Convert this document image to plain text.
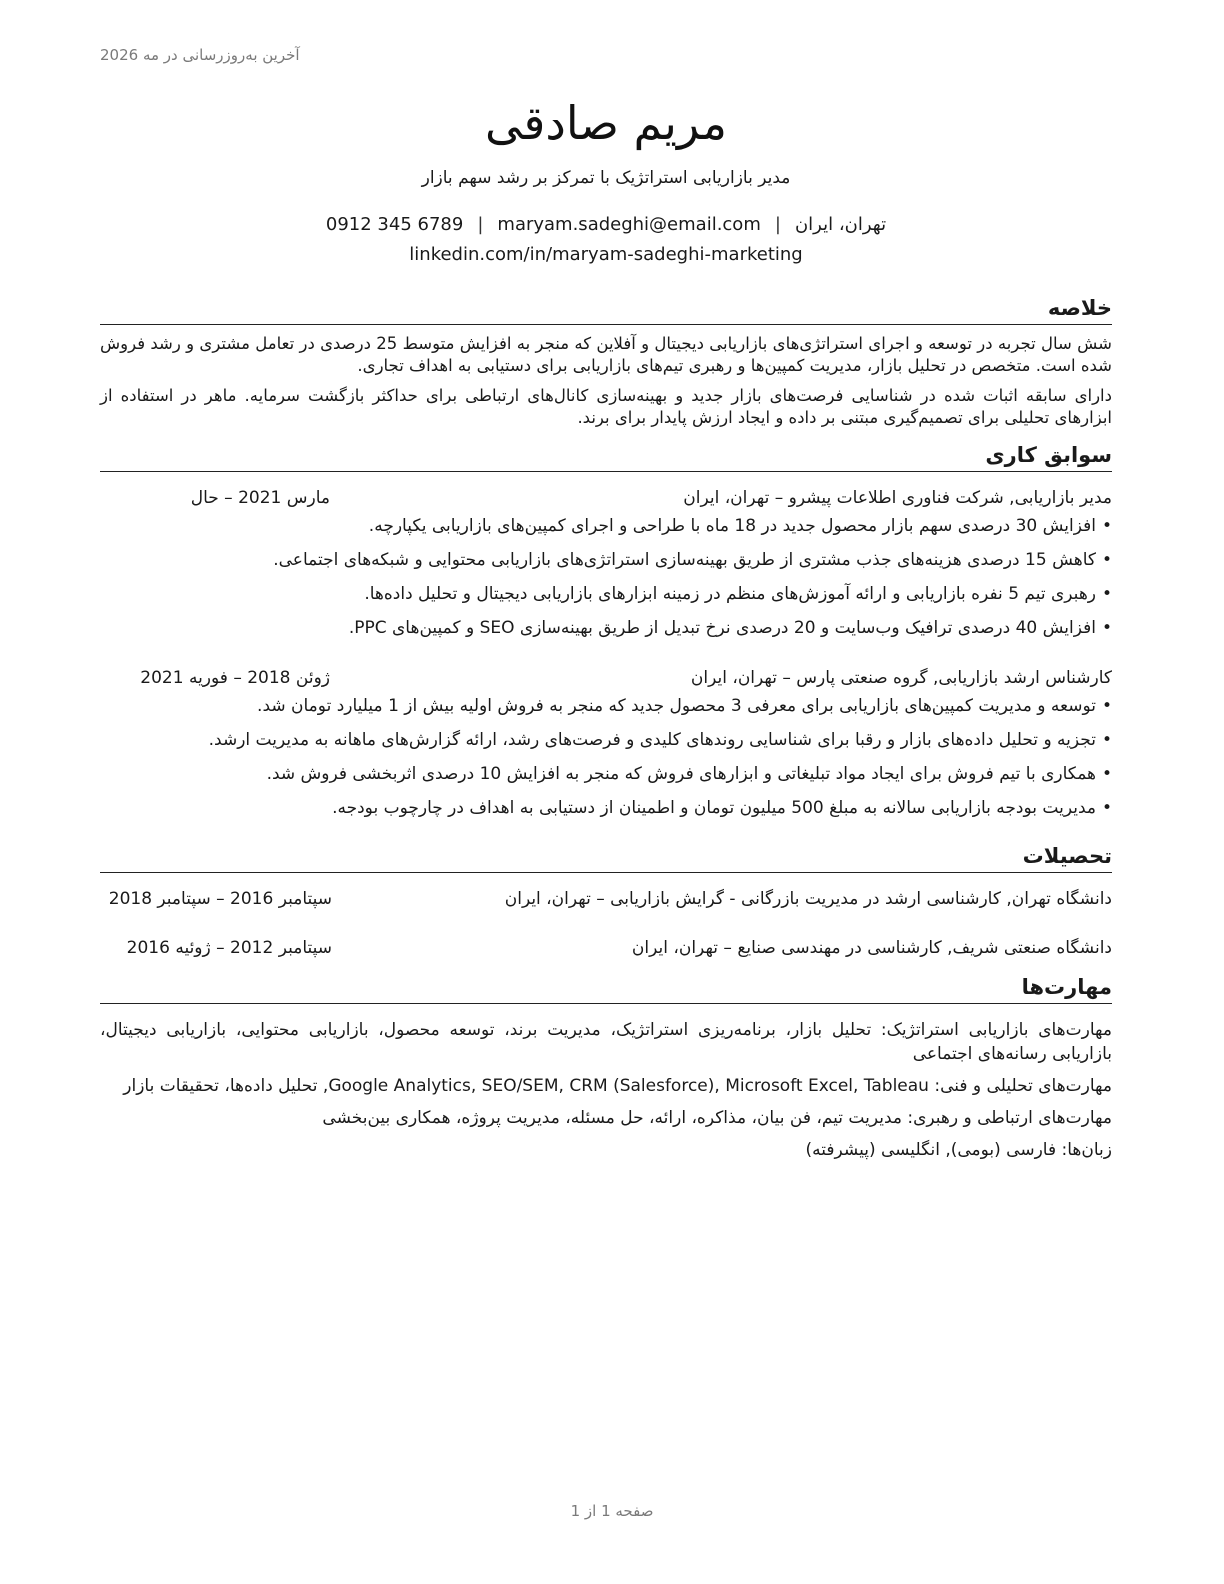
آخرین به‌روزرسانی در مه 2026
مریم صادقی
مدیر بازاریابی استراتژیک با تمرکز بر رشد سهم بازار
تهران، ایران|maryam.sadeghi@email.com|0912 345 6789
linkedin.com/in/maryam-sadeghi-marketing
خلاصه

شش سال تجربه در توسعه و اجرای استراتژی‌های بازاریابی دیجیتال و آفلاین که منجر به افزایش متوسط 25 درصدی در تعامل مشتری و رشد فروش شده است. متخصص در تحلیل بازار، مدیریت کمپین‌ها و رهبری تیم‌های بازاریابی برای دستیابی به اهداف تجاری.

دارای سابقه اثبات شده در شناسایی فرصت‌های بازار جدید و بهینه‌سازی کانال‌های ارتباطی برای حداکثر بازگشت سرمایه. ماهر در استفاده از ابزارهای تحلیلی برای تصمیم‌گیری مبتنی بر داده و ایجاد ارزش پایدار برای برند.

سوابق کاری
مدیر بازاریابی, شرکت فناوری اطلاعات پیشرو – تهران، ایران
مارس 2021 – حال
•
افزایش 30 درصدی سهم بازار محصول جدید در 18 ماه با طراحی و اجرای کمپین‌های بازاریابی یکپارچه.
•
کاهش 15 درصدی هزینه‌های جذب مشتری از طریق بهینه‌سازی استراتژی‌های بازاریابی محتوایی و شبکه‌های اجتماعی.
•
رهبری تیم 5 نفره بازاریابی و ارائه آموزش‌های منظم در زمینه ابزارهای بازاریابی دیجیتال و تحلیل داده‌ها.
•
افزایش 40 درصدی ترافیک وب‌سایت و 20 درصدی نرخ تبدیل از طریق بهینه‌سازی SEO و کمپین‌های PPC.
کارشناس ارشد بازاریابی, گروه صنعتی پارس – تهران، ایران
ژوئن 2018 – فوریه 2021
•
توسعه و مدیریت کمپین‌های بازاریابی برای معرفی 3 محصول جدید که منجر به فروش اولیه بیش از 1 میلیارد تومان شد.
•
تجزیه و تحلیل داده‌های بازار و رقبا برای شناسایی روندهای کلیدی و فرصت‌های رشد، ارائه گزارش‌های ماهانه به مدیریت ارشد.
•
همکاری با تیم فروش برای ایجاد مواد تبلیغاتی و ابزارهای فروش که منجر به افزایش 10 درصدی اثربخشی فروش شد.
•
مدیریت بودجه بازاریابی سالانه به مبلغ 500 میلیون تومان و اطمینان از دستیابی به اهداف در چارچوب بودجه.
تحصیلات
دانشگاه تهران, کارشناسی ارشد در مدیریت بازرگانی - گرایش بازاریابی – تهران، ایران
سپتامبر 2016 – سپتامبر 2018
دانشگاه صنعتی شریف, کارشناسی در مهندسی صنایع – تهران، ایران
سپتامبر 2012 – ژوئیه 2016
مهارت‌ها

مهارت‌های بازاریابی استراتژیک: تحلیل بازار، برنامه‌ریزی استراتژیک، مدیریت برند، توسعه محصول، بازاریابی محتوایی، بازاریابی دیجیتال، بازاریابی رسانه‌های اجتماعی

مهارت‌های تحلیلی و فنی: Google Analytics, SEO/SEM, CRM (Salesforce), Microsoft Excel, Tableau, تحلیل داده‌ها، تحقیقات بازار

مهارت‌های ارتباطی و رهبری: مدیریت تیم، فن بیان، مذاکره، ارائه، حل مسئله، مدیریت پروژه، همکاری بین‌بخشی

زبان‌ها: فارسی (بومی), انگلیسی (پیشرفته)

صفحه 1 از 1
